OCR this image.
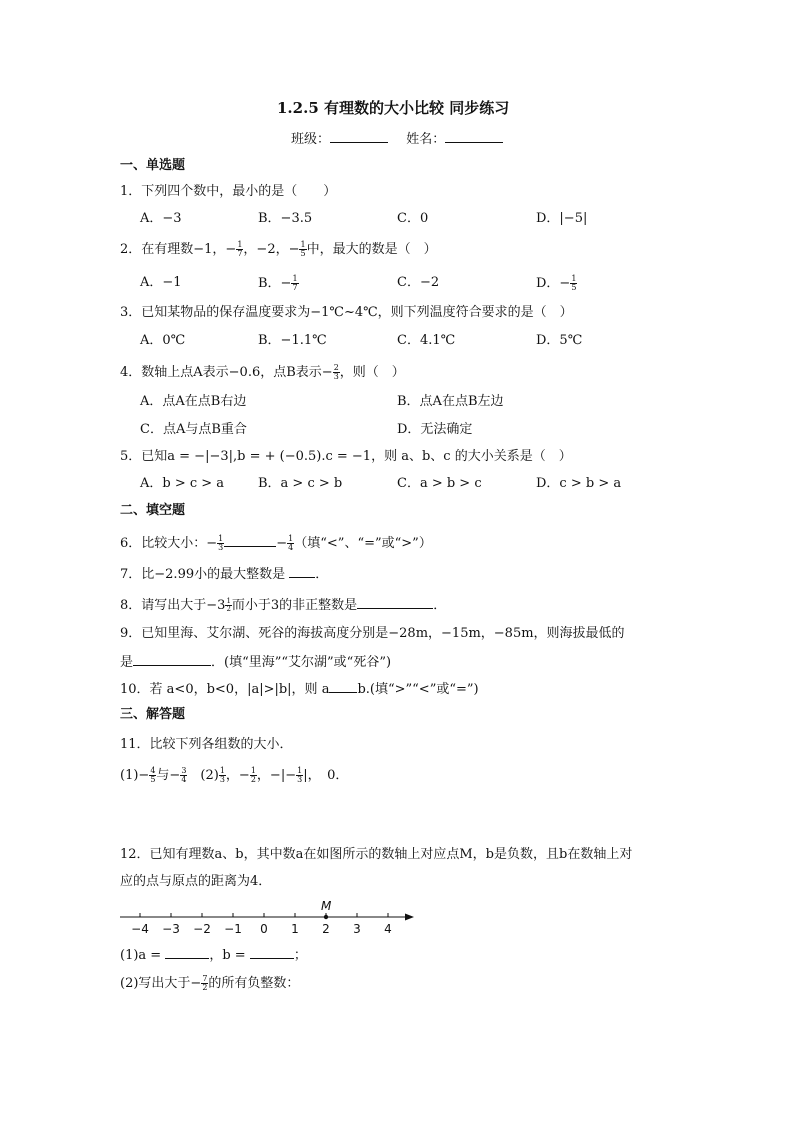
1.2.5 有理数的大小比较 同步练习
班级：	姓名：
一、单选题
1．下列四个数中，最小的是（　　）
A．−3	B．−3.5	C．0	D．|−5|
2．在有理数−1，− $\frac{1}{7}$ ，−2，− $\frac{1}{5}$ 中，最大的数是（　）
A．−1	B．− $\frac{1}{7}$	C．−2	D．− $\frac{1}{5}$
3．已知某物品的保存温度要求为−1℃~4℃，则下列温度符合要求的是（　）
A．0℃	B．−1.1℃	C．4.1℃	D．5℃
4．数轴上点A表示−0.6，点B表示− $\frac{2}{3}$ ，则（　）
A．点A在点B右边	B．点A在点B左边
C．点A与点B重合	D．无法确定
5．已知a = −|−3|,b = + (−0.5).c = −1，则 a、b、c 的大小关系是（　）
A．b > c > a	B．a > c > b	C．a > b > c	D．c > b > a
二、填空题
6．比较大小：− $\frac{1}{3}$	− $\frac{1}{4}$ （填“<”、“=”或“>”）
7．比−2.99小的最大整数是 ．
8．请写出大于$-3 \frac{1}{2}$ 而小于3的非正整数是	．
9．已知里海、艾尔湖、死谷的海拔高度分别是−28m，−15m，−85m，则海拔最低的
是	．(填“里海”“艾尔湖”或“死谷”)
10．若 a<0，b<0，|a|>|b|，则 a b.(填“>”“<”或“=”)
三、解答题
11．比较下列各组数的大小．
$(1)- \frac{4}{5}$ 与− $\frac{3}{4}$ 　$(2) \frac{1}{3}$ ，− $\frac{1}{2}$ ，−|− $\frac{1}{3}$ |，　0．
12．已知有理数a、b，其中数a在如图所示的数轴上对应点M，b是负数，且b在数轴上对
应的点与原点的距离为4．
−4 −3 −2 −1 0 1 2 3 4
M
(1)a =	，b =	；
(2)写出大于− $\frac{7}{2}$ 的所有负整数：
